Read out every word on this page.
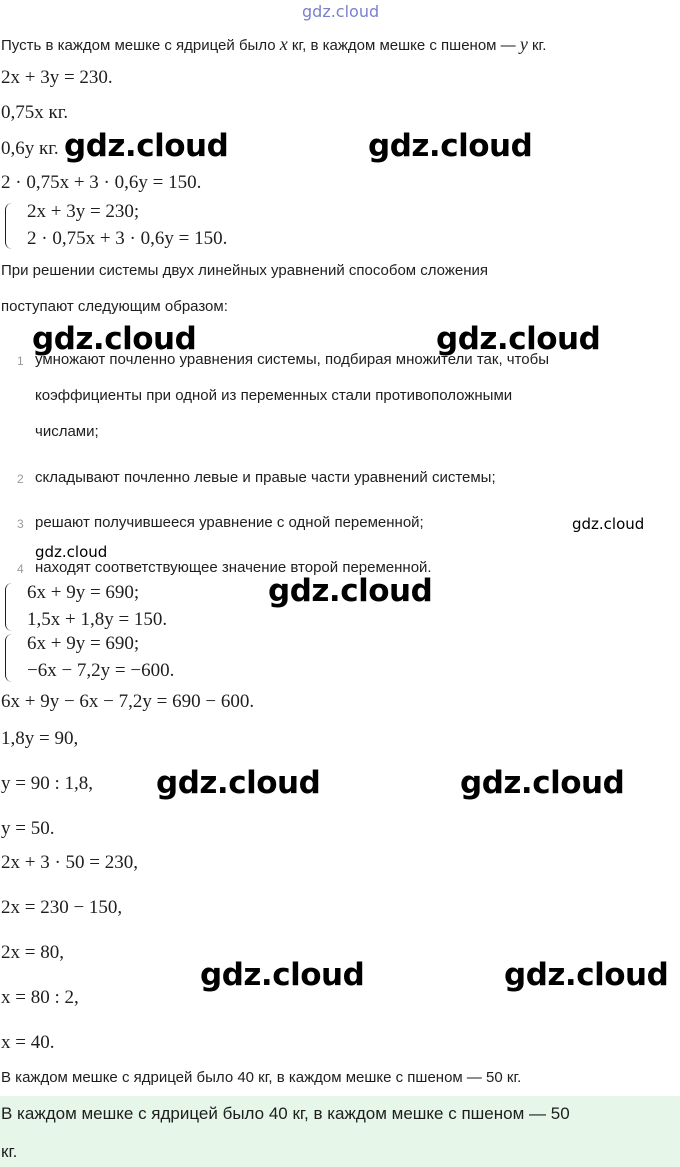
gdz.cloud
Пусть в каждом мешке с ядрицей было x кг, в каждом мешке с пшеном — y кг.
2x + 3y = 230.
0,75x кг.
0,6y кг. gdz.cloud	gdz.cloud
2 · 0,75x + 3 · 0,6y = 150.
2x + 3y = 230;
2 · 0,75x + 3 · 0,6y = 150.
При решении системы двух линейных уравнений способом сложения
поступают следующим образом:
gdz.cloud	gdz.cloud
1 умножают почленно уравнения системы, подбирая множители так, чтобы
коэффициенты при одной из переменных стали противоположными
числами;
2 складывают почленно левые и правые части уравнений системы;
3 решают получившееся уравнение с одной переменной;	gdz.cloud
gdz.cloud
4 находят соответствующее значение второй переменной.
6x + 9y = 690;
1,5x + 1,8y = 150.
gdz.cloud
6x + 9y = 690;
−6x − 7,2y = −600.
6x + 9y − 6x − 7,2y = 690 − 600.
1,8y = 90,
y = 90 : 1,8, gdz.cloud	gdz.cloud
y = 50.
2x + 3 · 50 = 230,
2x = 230 − 150,
2x = 80,
gdz.cloud	gdz.cloud
x = 80 : 2,
x = 40.
В каждом мешке с ядрицей было 40 кг, в каждом мешке с пшеном — 50 кг.
В каждом мешке с ядрицей было 40 кг, в каждом мешке с пшеном — 50
кг.
